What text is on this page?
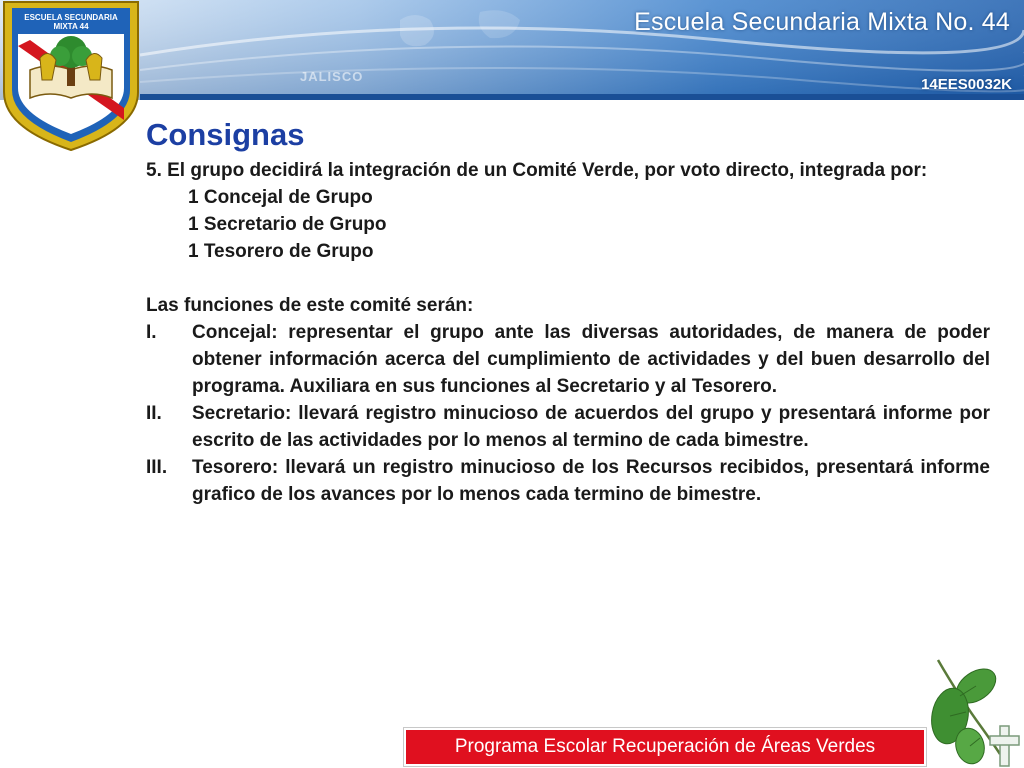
JALISCO
Escuela Secundaria Mixta No. 44
14EES0032K
ESCUELA SECUNDARIA
MIXTA 44
Consignas
5. El grupo decidirá la integración de un Comité Verde, por voto directo, integrada por:
1 Concejal de Grupo
1 Secretario de Grupo
1 Tesorero de Grupo
Las funciones de este comité serán:
I.	Concejal: representar el grupo ante las diversas autoridades, de manera de poder obtener información acerca del cumplimiento de actividades y del buen desarrollo del programa. Auxiliara en sus funciones al Secretario y al Tesorero.
II.	Secretario: llevará registro minucioso de acuerdos del grupo y presentará informe por escrito de las actividades por lo menos al termino de cada bimestre.
III.	Tesorero: llevará un registro minucioso de los Recursos recibidos, presentará informe grafico de los avances por lo menos cada termino de bimestre.
Programa Escolar Recuperación de Áreas Verdes
